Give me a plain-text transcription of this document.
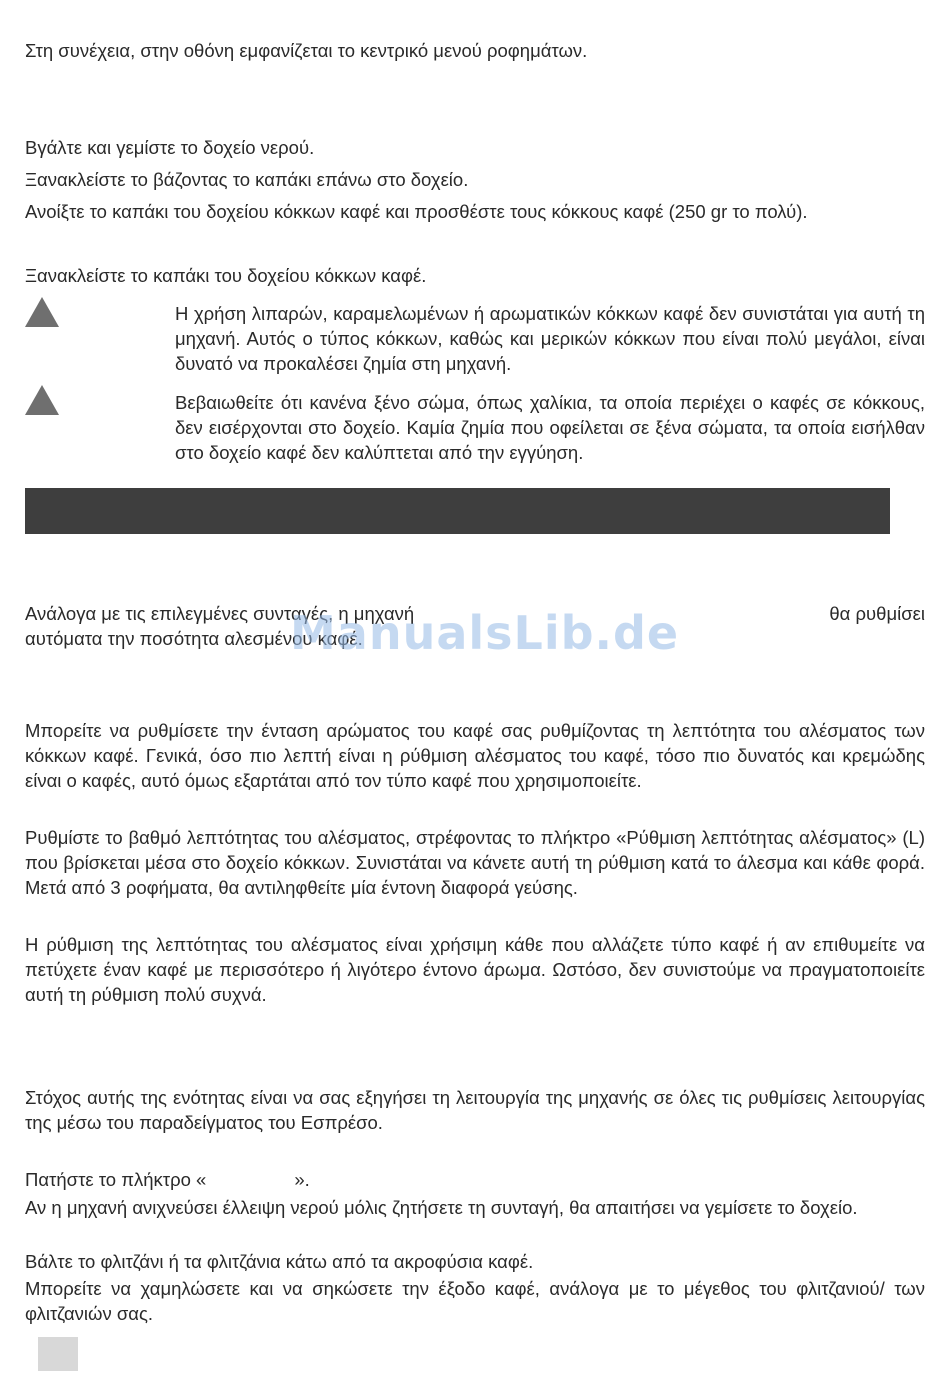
Στη συνέχεια, στην οθόνη εμφανίζεται το κεντρικό μενού ροφημάτων.
Βγάλτε και γεμίστε το δοχείο νερού.
Ξανακλείστε το βάζοντας το καπάκι επάνω στο δοχείο.
Ανοίξτε το καπάκι του δοχείου κόκκων καφέ και προσθέστε τους κόκκους καφέ (250 gr το πολύ).
Ξανακλείστε το καπάκι του δοχείου κόκκων καφέ.
Η χρήση λιπαρών, καραμελωμένων ή αρωματικών κόκκων καφέ δεν συνιστάται για αυτή τη μηχανή. Αυτός ο τύπος κόκκων, καθώς και μερικών κόκκων που είναι πολύ μεγάλοι, είναι δυνατό να προκαλέσει ζημία στη μηχανή.
Βεβαιωθείτε ότι κανένα ξένο σώμα, όπως χαλίκια, τα οποία περιέχει ο καφές σε κόκκους, δεν εισέρχονται στο δοχείο. Καμία ζημία που οφείλεται σε ξένα σώματα, τα οποία εισήλθαν στο δοχείο καφέ δεν καλύπτεται από την εγγύηση.
Ανάλογα με τις επιλεγμένες συνταγές, η μηχανή	θα ρυθμίσει
αυτόματα την ποσότητα αλεσμένου καφέ.
ManualsLib.de
Μπορείτε να ρυθμίσετε την ένταση αρώματος του καφέ σας ρυθμίζοντας τη λεπτότητα του αλέσματος των κόκκων καφέ. Γενικά, όσο πιο λεπτή είναι η ρύθμιση αλέσματος του καφέ, τόσο πιο δυνατός και κρεμώδης είναι ο καφές, αυτό όμως εξαρτάται από τον τύπο καφέ που χρησιμοποιείτε.
Ρυθμίστε το βαθμό λεπτότητας του αλέσματος, στρέφοντας το πλήκτρο «Ρύθμιση λεπτότητας αλέσματος» (L) που βρίσκεται μέσα στο δοχείο κόκκων. Συνιστάται να κάνετε αυτή τη ρύθμιση κατά το άλεσμα και κάθε φορά. Μετά από 3 ροφήματα, θα αντιληφθείτε μία έντονη διαφορά γεύσης.
Η ρύθμιση της λεπτότητας του αλέσματος είναι χρήσιμη κάθε που αλλάζετε τύπο καφέ ή αν επιθυμείτε να πετύχετε έναν καφέ με περισσότερο ή λιγότερο έντονο άρωμα. Ωστόσο, δεν συνιστούμε να πραγματοποιείτε αυτή τη ρύθμιση πολύ συχνά.
Στόχος αυτής της ενότητας είναι να σας εξηγήσει τη λειτουργία της μηχανής σε όλες τις ρυθμίσεις λειτουργίας της μέσω του παραδείγματος του Εσπρέσο.
Πατήστε το πλήκτρο «	».
Αν η μηχανή ανιχνεύσει έλλειψη νερού μόλις ζητήσετε τη συνταγή, θα απαιτήσει να γεμίσετε το δοχείο.
Βάλτε το φλιτζάνι ή τα φλιτζάνια κάτω από τα ακροφύσια καφέ.
Μπορείτε να χαμηλώσετε και να σηκώσετε την έξοδο καφέ, ανάλογα με το μέγεθος του φλιτζανιού/ των φλιτζανιών σας.
